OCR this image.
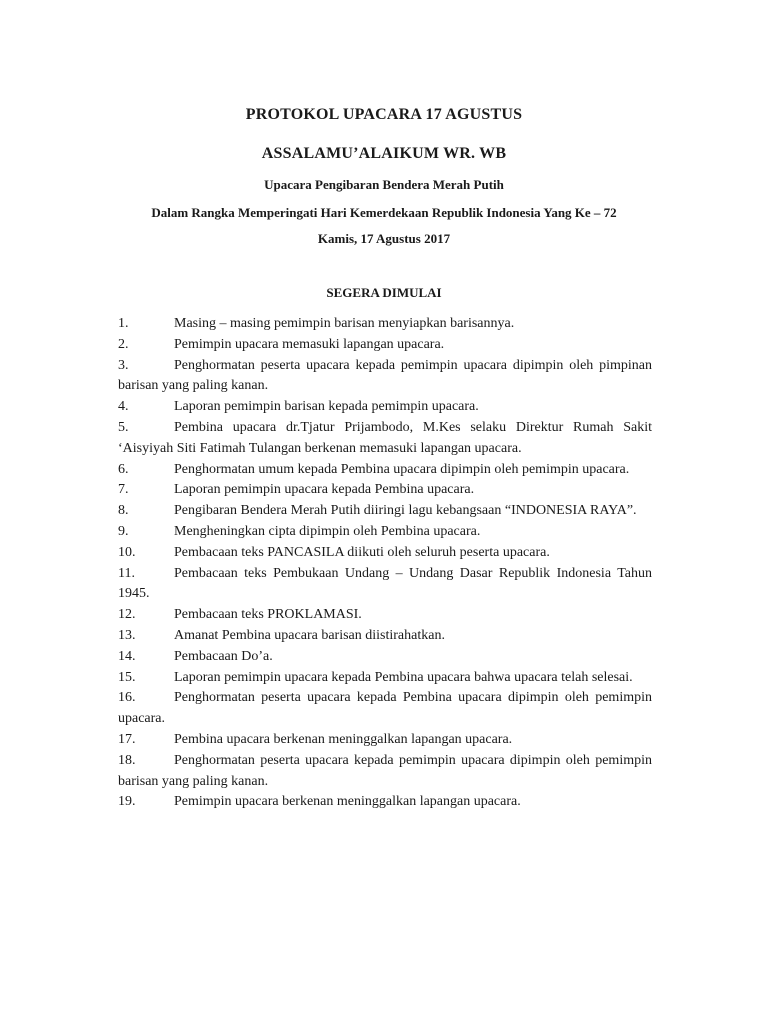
PROTOKOL UPACARA 17 AGUSTUS
ASSALAMU’ALAIKUM WR. WB
Upacara Pengibaran Bendera Merah Putih
Dalam Rangka Memperingati Hari Kemerdekaan Republik Indonesia Yang Ke – 72
Kamis, 17 Agustus 2017
SEGERA DIMULAI
1.	Masing – masing pemimpin barisan menyiapkan barisannya.
2.	Pemimpin upacara memasuki lapangan upacara.
3.	Penghormatan peserta upacara kepada pemimpin upacara dipimpin oleh pimpinan barisan yang paling kanan.
4.	Laporan pemimpin barisan kepada pemimpin upacara.
5.	Pembina upacara dr.Tjatur Prijambodo, M.Kes selaku Direktur Rumah Sakit ‘Aisyiyah Siti Fatimah Tulangan berkenan memasuki lapangan upacara.
6.	Penghormatan umum kepada Pembina upacara dipimpin oleh pemimpin upacara.
7.	Laporan pemimpin upacara kepada Pembina upacara.
8.	Pengibaran Bendera Merah Putih diiringi lagu kebangsaan “INDONESIA RAYA”.
9.	Mengheningkan cipta dipimpin oleh Pembina upacara.
10.	Pembacaan teks PANCASILA diikuti oleh seluruh peserta upacara.
11.	Pembacaan teks Pembukaan Undang – Undang Dasar Republik Indonesia Tahun 1945.
12.	Pembacaan teks PROKLAMASI.
13.	Amanat Pembina upacara barisan diistirahatkan.
14.	Pembacaan Do’a.
15.	Laporan pemimpin upacara kepada Pembina upacara bahwa upacara telah selesai.
16.	Penghormatan peserta upacara kepada Pembina upacara dipimpin oleh pemimpin upacara.
17.	Pembina upacara berkenan meninggalkan lapangan upacara.
18.	Penghormatan peserta upacara kepada pemimpin upacara dipimpin oleh pemimpin barisan yang paling kanan.
19.	Pemimpin upacara berkenan meninggalkan lapangan upacara.
